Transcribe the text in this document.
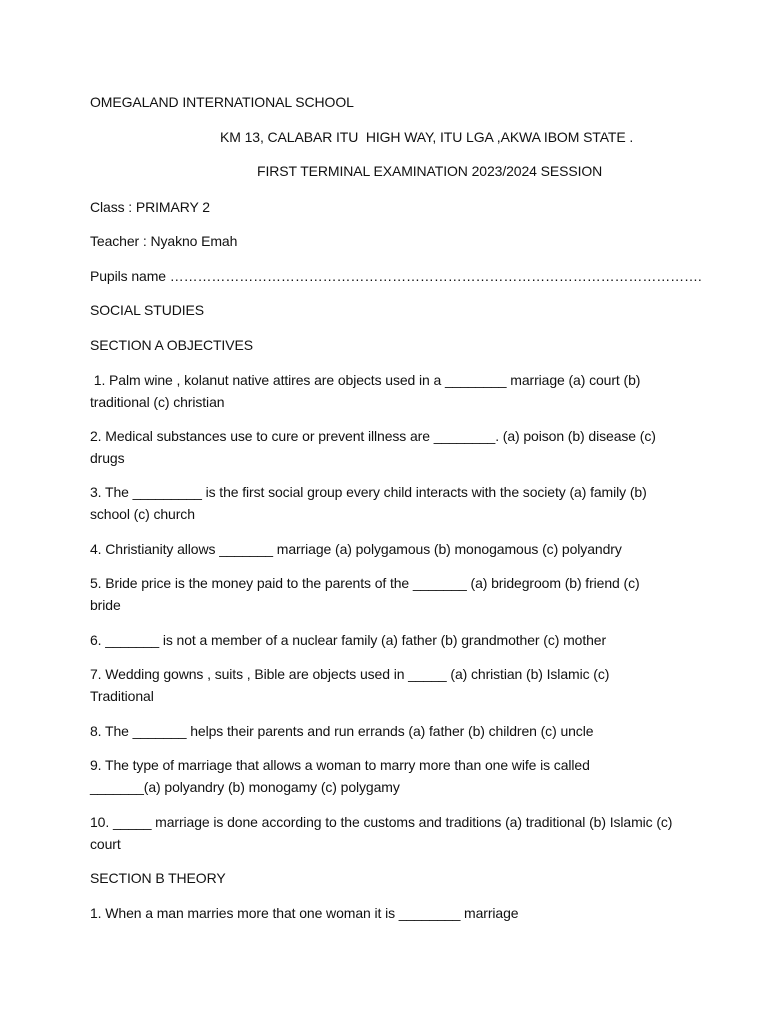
OMEGALAND INTERNATIONAL SCHOOL
KM 13, CALABAR ITU  HIGH WAY, ITU LGA ,AKWA IBOM STATE .
FIRST TERMINAL EXAMINATION 2023/2024 SESSION
Class : PRIMARY 2
Teacher : Nyakno Emah
Pupils name …………………………………………………………………………………………………….
SOCIAL STUDIES
SECTION A OBJECTIVES
1. Palm wine , kolanut native attires are objects used in a ________ marriage (a) court (b) traditional (c) christian
2. Medical substances use to cure or prevent illness are ________. (a) poison (b) disease (c) drugs
3. The _________ is the first social group every child interacts with the society (a) family (b) school (c) church
4. Christianity allows _______ marriage (a) polygamous (b) monogamous (c) polyandry
5. Bride price is the money paid to the parents of the _______ (a) bridegroom (b) friend (c) bride
6. _______ is not a member of a nuclear family (a) father (b) grandmother (c) mother
7. Wedding gowns , suits , Bible are objects used in _____ (a) christian (b) Islamic (c) Traditional
8. The _______ helps their parents and run errands (a) father (b) children (c) uncle
9. The type of marriage that allows a woman to marry more than one wife is called _______(a) polyandry (b) monogamy (c) polygamy
10. _____ marriage is done according to the customs and traditions (a) traditional (b) Islamic (c) court
SECTION B THEORY
1. When a man marries more that one woman it is ________ marriage
